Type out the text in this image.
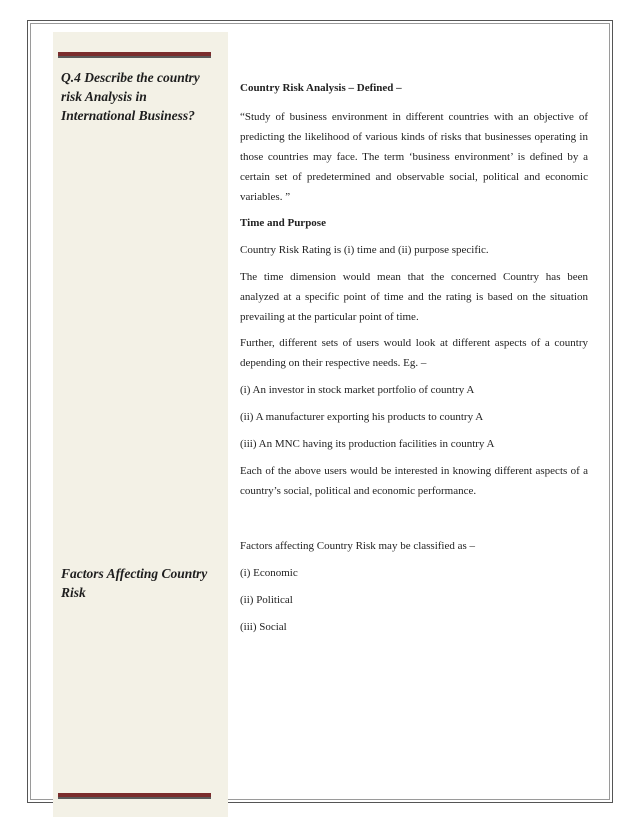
Q.4 Describe the country risk Analysis in International Business?
Factors Affecting Country Risk

Country Risk Analysis – Defined –

“Study of business environment in different countries with an objective of predicting the likelihood of various kinds of risks that businesses operating in those countries may face. The term ‘business environment’ is defined by a certain set of predetermined and observable social, political and economic variables. ”

Time and Purpose

Country Risk Rating is (i) time and (ii) purpose specific.

The time dimension would mean that the concerned Country has been analyzed at a specific point of time and the rating is based on the situation prevailing at the particular point of time.

Further, different sets of users would look at different aspects of a country depending on their respective needs. Eg. –

(i) An investor in stock market portfolio of country A

(ii) A manufacturer exporting his products to country A

(iii) An MNC having its production facilities in country A

Each of the above users would be interested in knowing different aspects of a country’s social, political and economic performance.

Factors affecting Country Risk may be classified as –

(i) Economic

(ii) Political

(iii) Social
